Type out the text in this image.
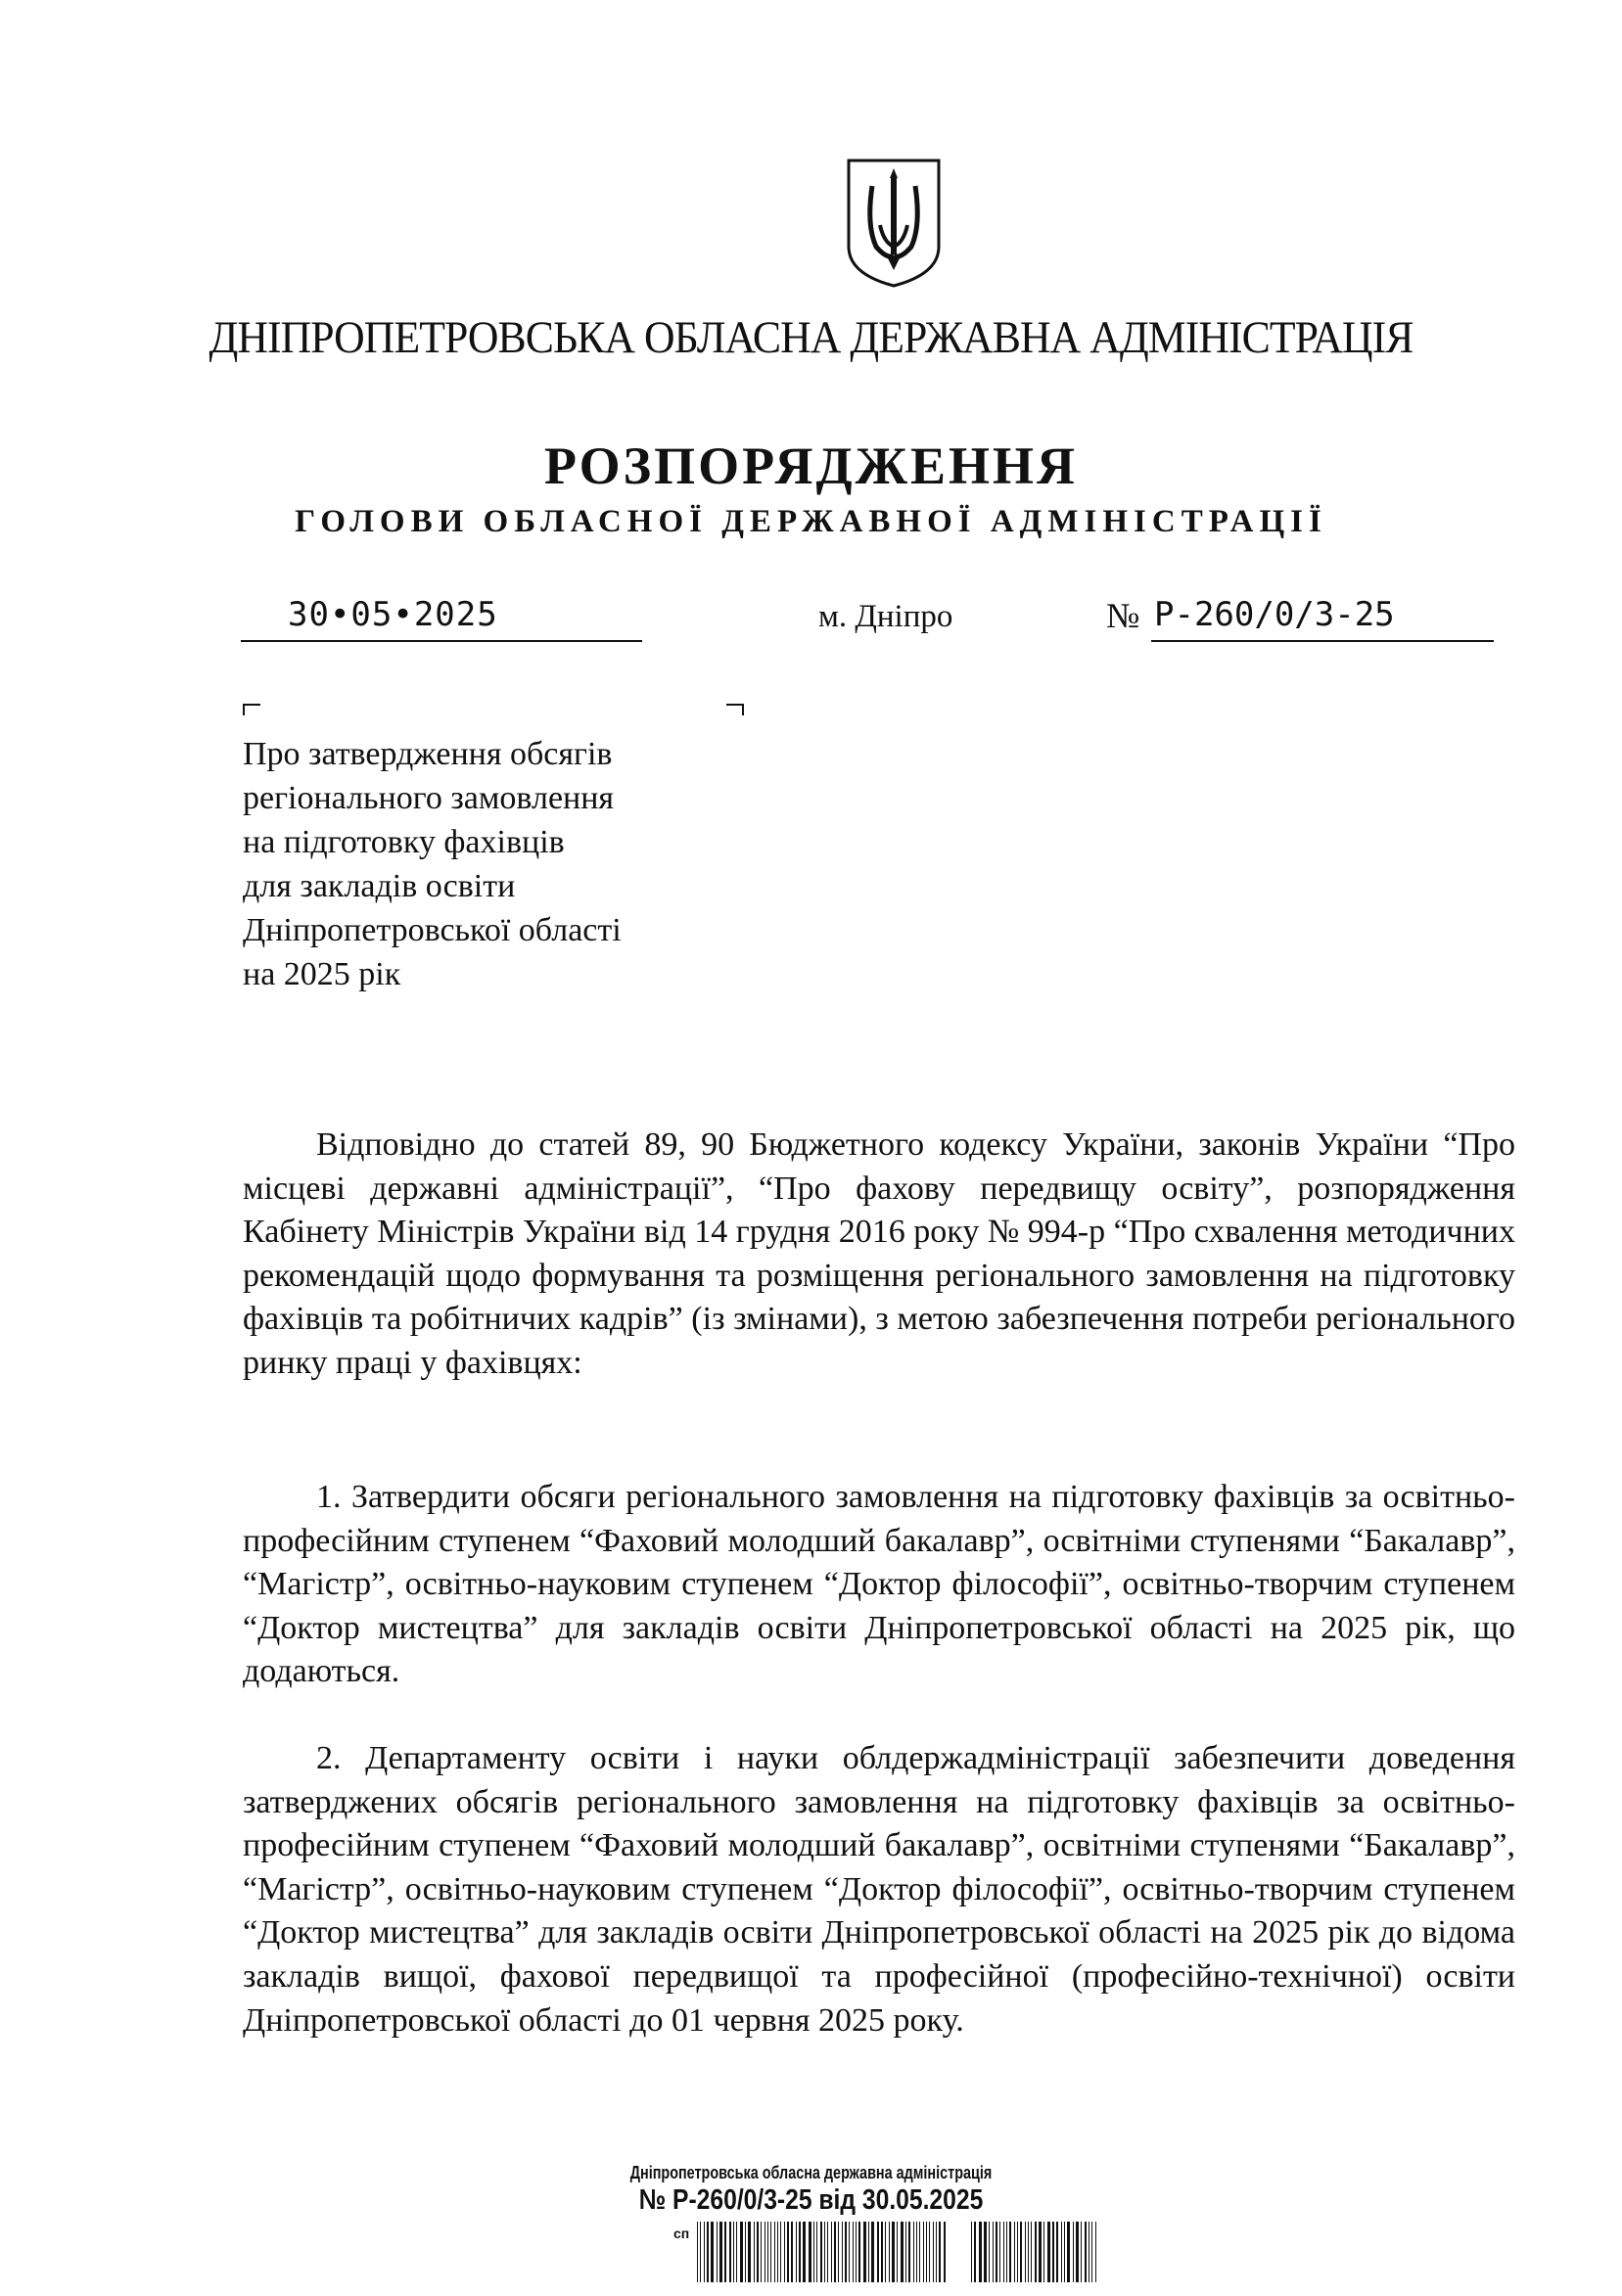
ДНІПРОПЕТРОВСЬКА ОБЛАСНА ДЕРЖАВНА АДМІНІСТРАЦІЯ
РОЗПОРЯДЖЕННЯ
ГОЛОВИ ОБЛАСНОЇ ДЕРЖАВНОЇ АДМІНІСТРАЦІЇ
30•05•2025	м. Дніпро	№ Р-260/0/3-25
Про затвердження обсягів
регіонального замовлення
на підготовку фахівців
для закладів освіти
Дніпропетровської області
на 2025 рік

Відповідно до статей 89, 90 Бюджетного кодексу України, законів України “Про місцеві державні адміністрації”, “Про фахову передвищу освіту”, розпорядження Кабінету Міністрів України від 14 грудня 2016 року № 994-р “Про схвалення методичних рекомендацій щодо формування та розміщення регіонального замовлення на підготовку фахівців та робітничих кадрів” (із змінами), з метою забезпечення потреби регіонального ринку праці у фахівцях:

1. Затвердити обсяги регіонального замовлення на підготовку фахівців за освітньо-професійним ступенем “Фаховий молодший бакалавр”, освітніми ступенями “Бакалавр”, “Магістр”, освітньо-науковим ступенем “Доктор філософії”, освітньо-творчим ступенем “Доктор мистецтва” для закладів освіти Дніпропетровської області на 2025 рік, що додаються.

2. Департаменту освіти і науки облдержадміністрації забезпечити доведення затверджених обсягів регіонального замовлення на підготовку фахівців за освітньо-професійним ступенем “Фаховий молодший бакалавр”, освітніми ступенями “Бакалавр”, “Магістр”, освітньо-науковим ступенем “Доктор філософії”, освітньо-творчим ступенем “Доктор мистецтва” для закладів освіти Дніпропетровської області на 2025 рік до відома закладів вищої, фахової передвищої та професійної (професійно-технічної) освіти Дніпропетровської області до 01 червня 2025 року.

Дніпропетровська обласна державна адміністрація
№ Р-260/0/3-25 від 30.05.2025
сп
